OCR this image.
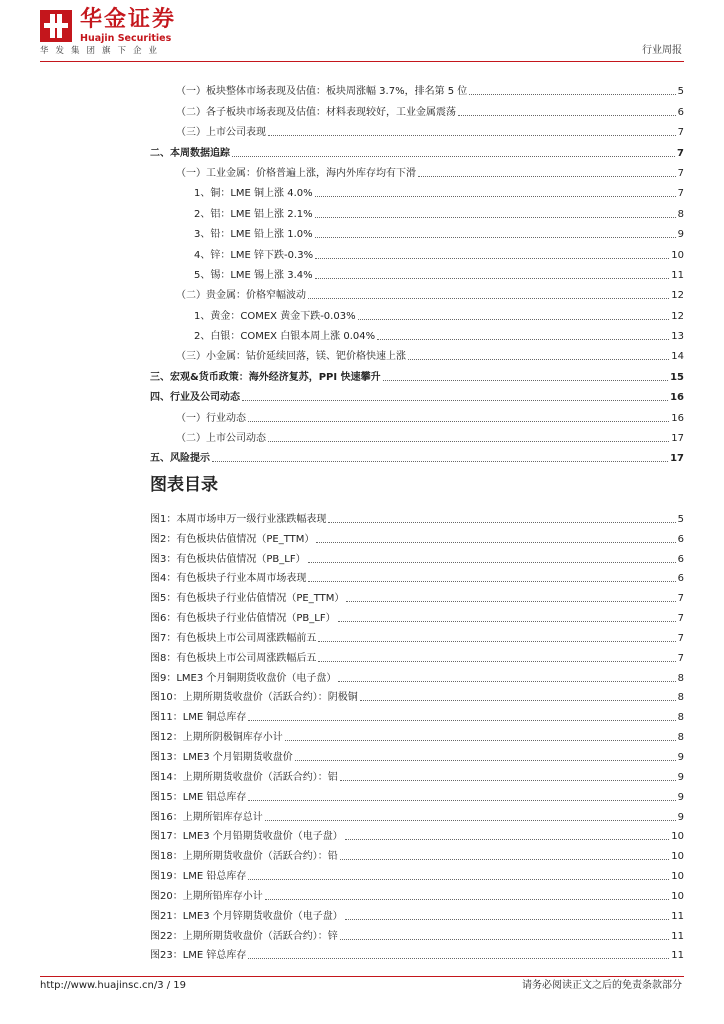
华金证券
Huajin Securities
华发集团旗下企业	行业周报
（一）板块整体市场表现及估值：板块周涨幅 3.7%，排名第 5 位	5
（二）各子板块市场表现及估值：材料表现较好，工业金属震荡	6
（三）上市公司表现	7
二、本周数据追踪	7
（一）工业金属：价格普遍上涨，海内外库存均有下滑	7
1、铜：LME 铜上涨 4.0%	7
2、铝：LME 铝上涨 2.1%	8
3、铅：LME 铅上涨 1.0%	9
4、锌：LME 锌下跌-0.3%	10
5、锡：LME 锡上涨 3.4%	11
（二）贵金属：价格窄幅波动	12
1、黄金：COMEX 黄金下跌-0.03%	12
2、白银：COMEX 白银本周上涨 0.04%	13
（三）小金属：钴价延续回落，镁、钯价格快速上涨	14
三、宏观&货币政策：海外经济复苏，PPI 快速攀升	15
四、行业及公司动态	16
（一）行业动态	16
（二）上市公司动态	17
五、风险提示	17
图表目录
图1：本周市场申万一级行业涨跌幅表现	5
图2：有色板块估值情况（PE_TTM）	6
图3：有色板块估值情况（PB_LF）	6
图4：有色板块子行业本周市场表现	6
图5：有色板块子行业估值情况（PE_TTM）	7
图6：有色板块子行业估值情况（PB_LF）	7
图7：有色板块上市公司周涨跌幅前五	7
图8：有色板块上市公司周涨跌幅后五	7
图9：LME3 个月铜期货收盘价（电子盘）	8
图10：上期所期货收盘价（活跃合约）：阴极铜	8
图11：LME 铜总库存	8
图12：上期所阴极铜库存小计	8
图13：LME3 个月铝期货收盘价	9
图14：上期所期货收盘价（活跃合约）：铝	9
图15：LME 铝总库存	9
图16：上期所铝库存总计	9
图17：LME3 个月铅期货收盘价（电子盘）	10
图18：上期所期货收盘价（活跃合约）：铅	10
图19：LME 铅总库存	10
图20：上期所铅库存小计	10
图21：LME3 个月锌期货收盘价（电子盘）	11
图22：上期所期货收盘价（活跃合约）：锌	11
图23：LME 锌总库存	11
http://www.huajinsc.cn/3 / 19	请务必阅读正文之后的免责条款部分
